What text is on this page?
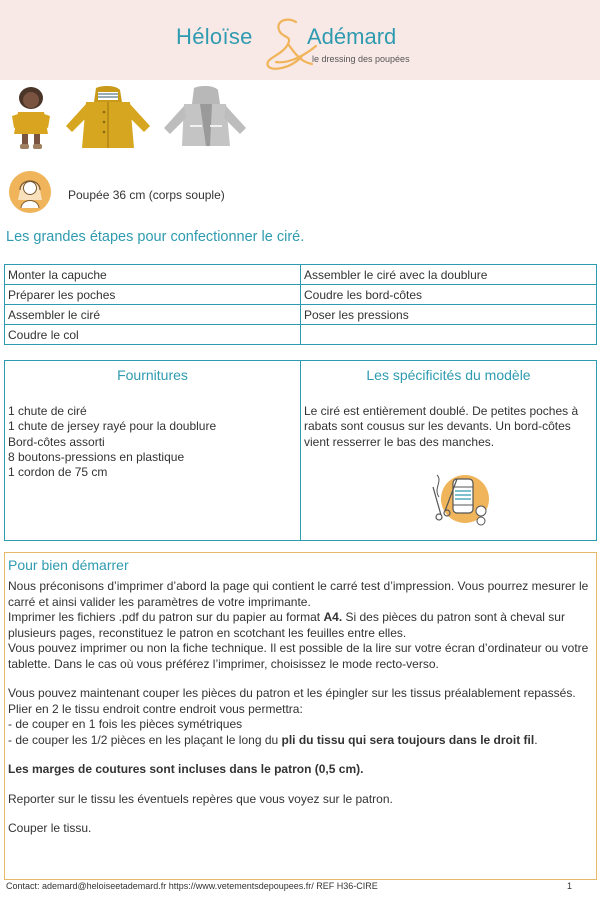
Héloïse Adémard
le dressing des poupées
Poupée 36 cm (corps souple)
Les grandes étapes pour confectionner le ciré.
Monter la capuche	Assembler le ciré avec la doublure
Préparer les poches	Coudre les bord-côtes
Assembler le ciré	Poser les pressions
Coudre le col	
Fournitures
1 chute de ciré
1 chute de jersey rayé pour la doublure
Bord-côtes assorti
8 boutons-pressions en plastique
1 cordon de 75 cm
Les spécificités du modèle

Le ciré est entièrement doublé. De petites poches à rabats sont cousus sur les devants. Un bord-côtes vient resserrer le bas des manches.

Pour bien démarrer

Nous préconisons d’imprimer d’abord la page qui contient le carré test d’impression. Vous pourrez mesurer le carré et ainsi valider les paramètres de votre imprimante.

Imprimer les fichiers .pdf du patron sur du papier au format A4. Si des pièces du patron sont à cheval sur plusieurs pages, reconstituez le patron en scotchant les feuilles entre elles.

Vous pouvez imprimer ou non la fiche technique. Il est possible de la lire sur votre écran d’ordinateur ou votre tablette. Dans le cas où vous préférez l’imprimer, choisissez le mode recto-verso.

Vous pouvez maintenant couper les pièces du patron et les épingler sur les tissus préalablement repassés.

Plier en 2 le tissu endroit contre endroit vous permettra:

- de couper en 1 fois les pièces symétriques

- de couper les 1/2 pièces en les plaçant le long du pli du tissu qui sera toujours dans le droit fil.

Les marges de coutures sont incluses dans le patron (0,5 cm).

Reporter sur le tissu les éventuels repères que vous voyez sur le patron.

Couper le tissu.

Contact: ademard@heloiseetademard.fr https://www.vetementsdepoupees.fr/ REF H36-CIRE	1
